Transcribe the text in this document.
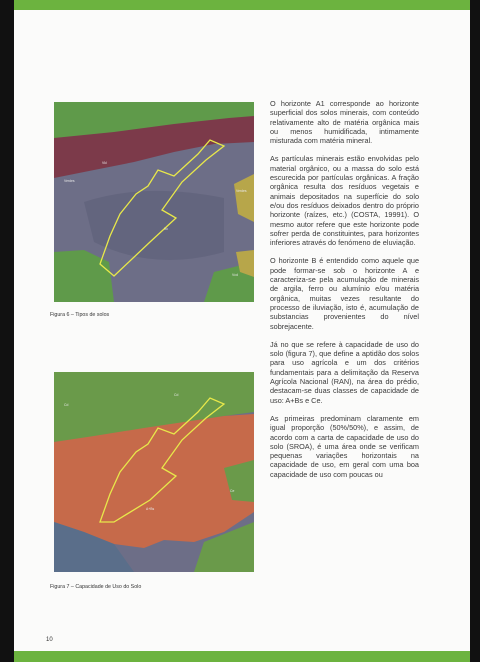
Verdes
Vkl
Vc
Verdes
Vcd
Figura 6 – Tipos de solos
Cd
Cd
A+Bs
Ce
Figura 7 – Capacidade de Uso do Solo

O horizonte A1 corresponde ao horizonte superficial dos solos minerais, com conteúdo relativamente alto de matéria orgânica mais ou menos humidificada, intimamente misturada com matéria mineral.

As partículas minerais estão envolvidas pelo material orgânico, ou a massa do solo está escurecida por partículas orgânicas. A fração orgânica resulta dos resíduos vegetais e animais depositados na superfície do solo e/ou dos resíduos deixados dentro do próprio horizonte (raízes, etc.) (COSTA, 19991). O mesmo autor refere que este horizonte pode sofrer perda de constituintes, para horizontes inferiores através do fenómeno de eluviação.

O horizonte B é entendido como aquele que pode formar-se sob o horizonte A e caracteriza-se pela acumulação de minerais de argila, ferro ou alumínio e/ou matéria orgânica, muitas vezes resultante do processo de iluviação, isto é, acumulação de substancias provenientes do nível sobrejacente.

Já no que se refere à capacidade de uso do solo (figura 7), que define a aptidão dos solos para uso agrícola e um dos critérios fundamentais para a delimitação da Reserva Agrícola Nacional (RAN), na área do prédio, destacam-se duas classes de capacidade de uso: A+Bs e Ce.

As primeiras predominam claramente em igual proporção (50%/50%), e assim, de acordo com a carta de capacidade de uso do solo (SROA), é uma área onde se verificam pequenas variações horizontais na capacidade de uso, em geral com uma boa capacidade de uso com poucas ou

10
